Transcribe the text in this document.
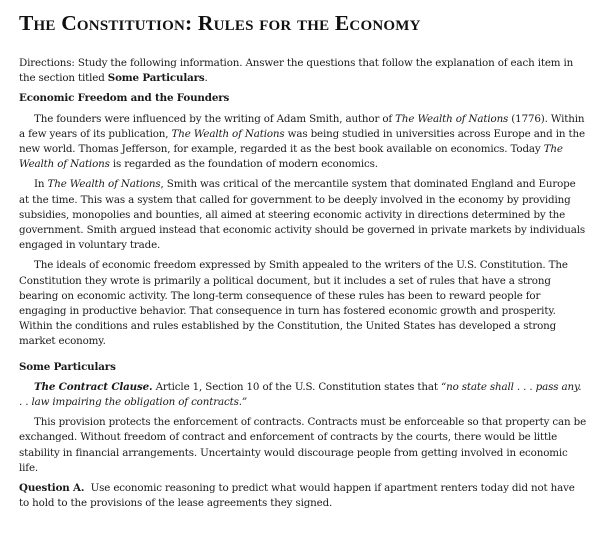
The Constitution: Rules for the Economy

Directions: Study the following information. Answer the questions that follow the explanation of each item in the section titled Some Particulars.

Economic Freedom and the Founders

The founders were influenced by the writing of Adam Smith, author of The Wealth of Nations (1776). Within a few years of its publication, The Wealth of Nations was being studied in universities across Europe and in the new world. Thomas Jefferson, for example, regarded it as the best book available on economics. Today The Wealth of Nations is regarded as the foundation of modern economics.

In The Wealth of Nations, Smith was critical of the mercantile system that dominated England and Europe at the time. This was a system that called for government to be deeply involved in the economy by providing subsidies, monopolies and bounties, all aimed at steering economic activity in directions determined by the government. Smith argued instead that economic activity should be governed in private markets by individuals engaged in voluntary trade.

The ideals of economic freedom expressed by Smith appealed to the writers of the U.S. Constitution. The Constitution they wrote is primarily a political document, but it includes a set of rules that have a strong bearing on economic activity. The long-term consequence of these rules has been to reward people for engaging in productive behavior. That consequence in turn has fostered economic growth and prosperity. Within the conditions and rules established by the Constitution, the United States has developed a strong market economy.

Some Particulars

The Contract Clause. Article 1, Section 10 of the U.S. Constitution states that “no state shall . . . pass any. . . law impairing the obligation of contracts.”

This provision protects the enforcement of contracts. Contracts must be enforceable so that property can be exchanged. Without freedom of contract and enforcement of contracts by the courts, there would be little stability in financial arrangements. Uncertainty would discourage people from getting involved in economic life.

Question A.  Use economic reasoning to predict what would happen if apartment renters today did not have to hold to the provisions of the lease agreements they signed.
